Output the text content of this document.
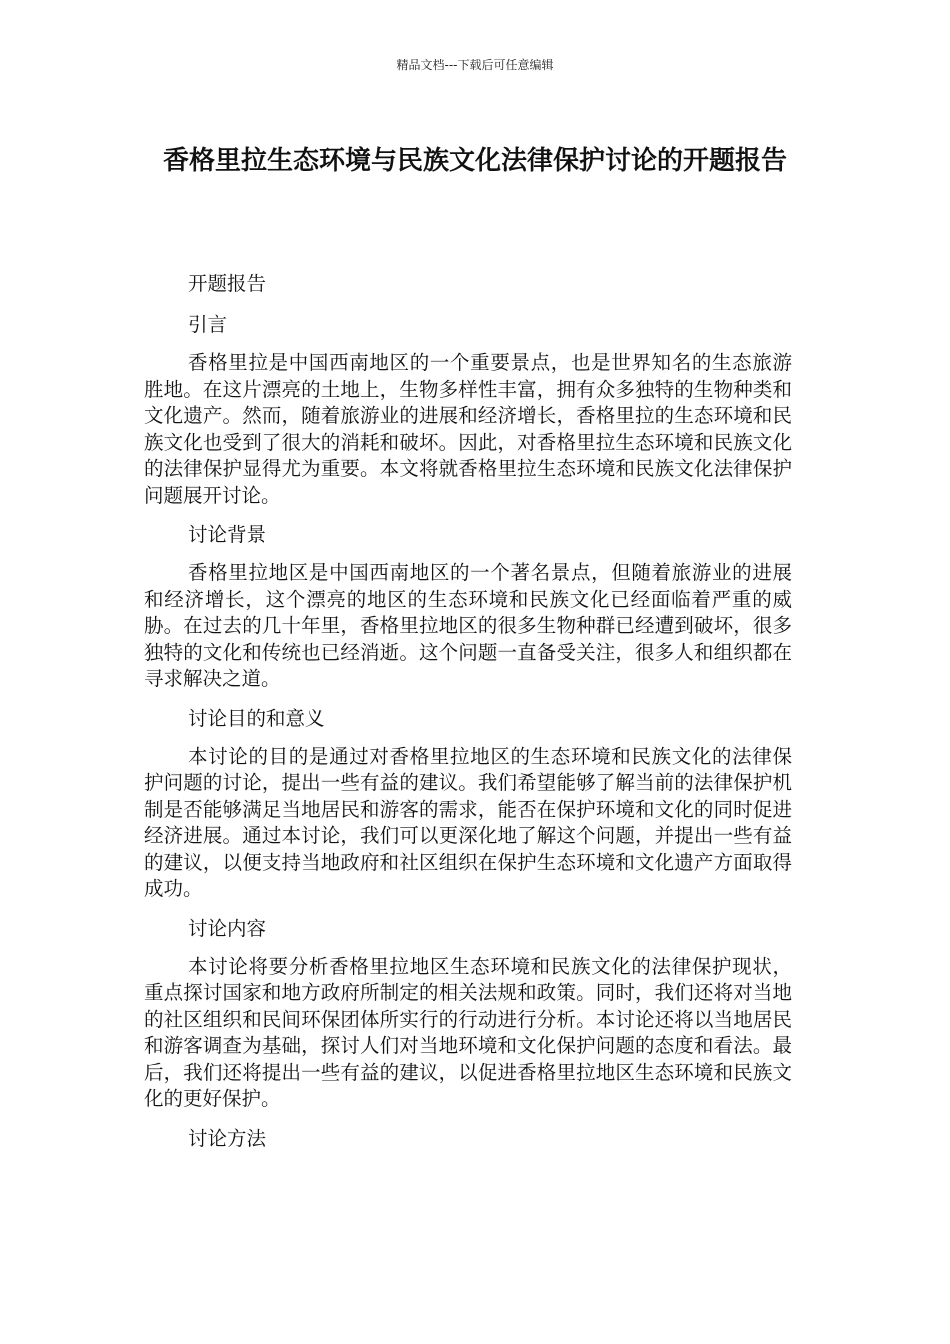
精品文档---下载后可任意编辑
香格里拉生态环境与民族文化法律保护讨论的开题报告

开题报告

引言

香格里拉是中国西南地区的一个重要景点，也是世界知名的生态旅游胜地。在这片漂亮的土地上，生物多样性丰富，拥有众多独特的生物种类和文化遗产。然而，随着旅游业的进展和经济增长，香格里拉的生态环境和民族文化也受到了很大的消耗和破坏。因此，对香格里拉生态环境和民族文化的法律保护显得尤为重要。本文将就香格里拉生态环境和民族文化法律保护问题展开讨论。

讨论背景

香格里拉地区是中国西南地区的一个著名景点，但随着旅游业的进展和经济增长，这个漂亮的地区的生态环境和民族文化已经面临着严重的威胁。在过去的几十年里，香格里拉地区的很多生物种群已经遭到破坏，很多独特的文化和传统也已经消逝。这个问题一直备受关注，很多人和组织都在寻求解决之道。

讨论目的和意义

本讨论的目的是通过对香格里拉地区的生态环境和民族文化的法律保护问题的讨论，提出一些有益的建议。我们希望能够了解当前的法律保护机制是否能够满足当地居民和游客的需求，能否在保护环境和文化的同时促进经济进展。通过本讨论，我们可以更深化地了解这个问题，并提出一些有益的建议，以便支持当地政府和社区组织在保护生态环境和文化遗产方面取得成功。

讨论内容

本讨论将要分析香格里拉地区生态环境和民族文化的法律保护现状，重点探讨国家和地方政府所制定的相关法规和政策。同时，我们还将对当地的社区组织和民间环保团体所实行的行动进行分析。本讨论还将以当地居民和游客调查为基础，探讨人们对当地环境和文化保护问题的态度和看法。最后，我们还将提出一些有益的建议，以促进香格里拉地区生态环境和民族文化的更好保护。

讨论方法
